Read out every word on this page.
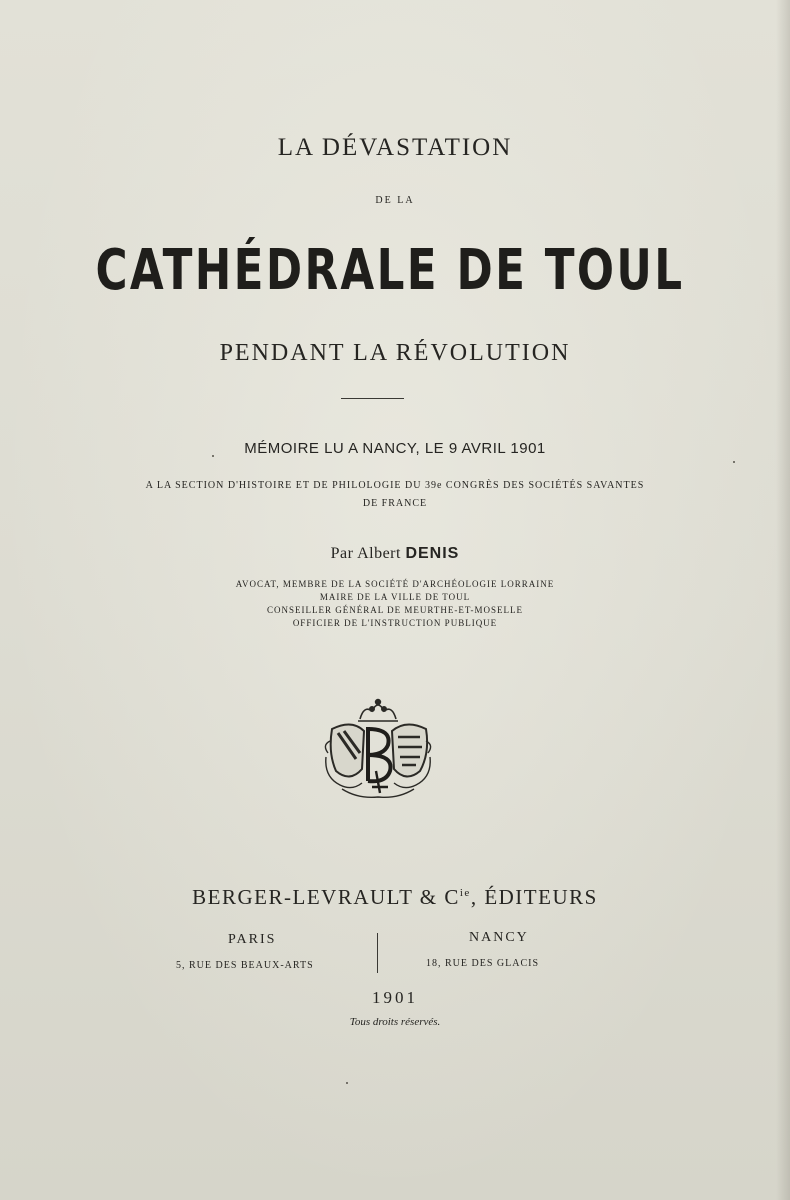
LA DÉVASTATION
DE LA
CATHÉDRALE DE TOUL
PENDANT LA RÉVOLUTION
MÉMOIRE LU A NANCY, LE 9 AVRIL 1901
A LA SECTION D'HISTOIRE ET DE PHILOLOGIE DU 39e CONGRÈS DES SOCIÉTÉS SAVANTES
DE FRANCE
Par Albert DENIS
AVOCAT, MEMBRE DE LA SOCIÉTÉ D'ARCHÉOLOGIE LORRAINE
MAIRE DE LA VILLE DE TOUL
CONSEILLER GÉNÉRAL DE MEURTHE-ET-MOSELLE
OFFICIER DE L'INSTRUCTION PUBLIQUE
BERGER-LEVRAULT & $C^{ie}$, ÉDITEURS
PARIS
5, RUE DES BEAUX-ARTS
NANCY
18, RUE DES GLACIS
1901
Tous droits réservés.
